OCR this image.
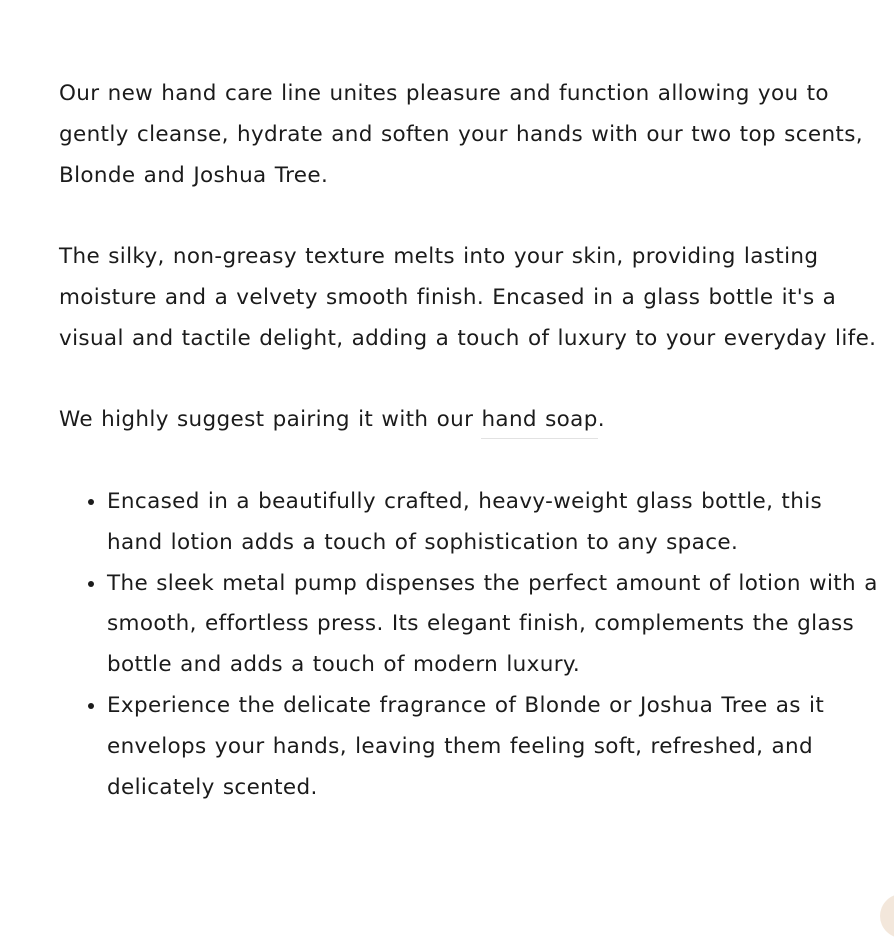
Our new hand care line unites pleasure and function allowing you to gently cleanse, hydrate and soften your hands with our two top scents, Blonde and Joshua Tree.

The silky, non-greasy texture melts into your skin, providing lasting moisture and a velvety smooth finish. Encased in a glass bottle it's a visual and tactile delight, adding a touch of luxury to your everyday life.

We highly suggest pairing it with our hand soap.

• Encased in a beautifully crafted, heavy-weight glass bottle, this hand lotion adds a touch of sophistication to any space.
• The sleek metal pump dispenses the perfect amount of lotion with a smooth, effortless press. Its elegant finish, complements the glass bottle and adds a touch of modern luxury.
• Experience the delicate fragrance of Blonde or Joshua Tree as it envelops your hands, leaving them feeling soft, refreshed, and delicately scented.
